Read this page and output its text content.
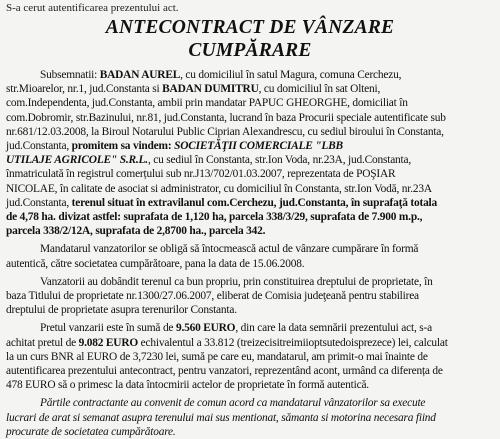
S-a cerut autentificarea prezentului act.
ANTECONTRACT DE VÂNZARE
CUMPĂRARE
Subsemnatii: BADAN AUREL, cu domiciliul în satul Magura, comuna Cerchezu,
str.Mioarelor, nr.1, jud.Constanta si BADAN DUMITRU, cu domiciliul în sat Olteni,
com.Independenta, jud.Constanta, ambii prin mandatar PAPUC GHEORGHE, domiciliat în
com.Dobromir, str.Bazinului, nr.81, jud.Constanta, lucrand în baza Procurii speciale autentificate sub
nr.681/12.03.2008, la Biroul Notarului Public Ciprian Alexandrescu, cu sediul biroului în Constanta,
jud.Constanta, promitem sa vindem: SOCIETĂŢII COMERCIALE "LBB
UTILAJE AGRICOLE" S.R.L., cu sediul în Constanta, str.Ion Voda, nr.23A, jud.Constanta,
înmatriculată în registrul comerțului sub nr.J13/702/01.03.2007, reprezentata de POŞIAR
NICOLAE, în calitate de asociat si administrator, cu domiciliul în Constanta, str.Ion Vodă, nr.23A
jud.Constanta, terenul situat în extravilanul com.Cerchezu, jud.Constanta, în suprafaţă totala
de 4,78 ha. divizat astfel: suprafata de 1,120 ha, parcela 338/3/29, suprafata de 7.900 m.p.,
parcela 338/2/12A, suprafata de 2,8700 ha., parcela 342.
Mandatarul vanzatorilor se obligă să întocmească actul de vânzare cumpărare în formă
autentică, către societatea cumpărătoare, pana la data de 15.06.2008.
Vanzatorii au dobândit terenul ca bun propriu, prin constituirea dreptului de proprietate, în
baza Titlului de proprietate nr.1300/27.06.2007, eliberat de Comisia judeţeană pentru stabilirea
dreptului de proprietate asupra terenurilor Constanta.
Pretul vanzarii este în sumă de 9.560 EURO, din care la data semnării prezentului act, s-a
achitat pretul de 9.082 EURO echivalentul a 33.812 (treizecisitreimiioptsutedoisprezece) lei, calculat
la un curs BNR al EURO de 3,7230 lei, sumă pe care eu, mandatarul, am primit-o mai înainte de
autentificarea prezentului antecontract, pentru vanzatori, reprezentând acont, urmând ca diferența de
478 EURO să o primesc la data întocmirii actelor de proprietate în formă autentică.
Părtile contractante au convenit de comun acord ca mandatarul vânzatorilor sa execute
lucrari de arat si semanat asupra terenului mai sus mentionat, sămanta si motorina necesara fiind
procurate de societatea cumpărătoare.
